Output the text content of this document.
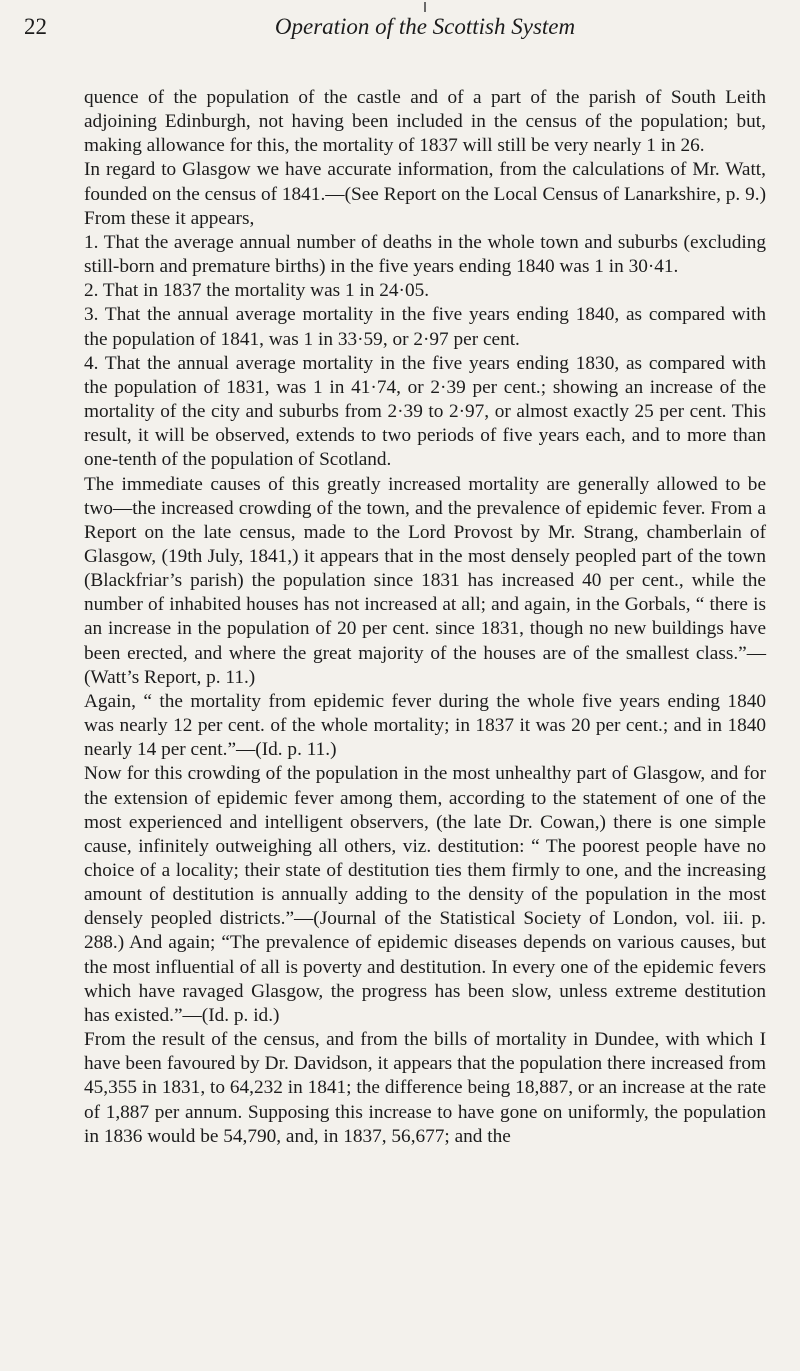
22	Operation of the Scottish System

quence of the population of the castle and of a part of the parish of South Leith adjoining Edinburgh, not having been included in the census of the population; but, making allowance for this, the mortality of 1837 will still be very nearly 1 in 26.

In regard to Glasgow we have accurate information, from the calculations of Mr. Watt, founded on the census of 1841.—(See Report on the Local Census of Lanarkshire, p. 9.) From these it appears,

1. That the average annual number of deaths in the whole town and suburbs (excluding still-born and premature births) in the five years ending 1840 was 1 in 30·41.

2. That in 1837 the mortality was 1 in 24·05.

3. That the annual average mortality in the five years ending 1840, as compared with the population of 1841, was 1 in 33·59, or 2·97 per cent.

4. That the annual average mortality in the five years ending 1830, as compared with the population of 1831, was 1 in 41·74, or 2·39 per cent.; showing an increase of the mortality of the city and suburbs from 2·39 to 2·97, or almost exactly 25 per cent. This result, it will be observed, extends to two periods of five years each, and to more than one-tenth of the population of Scotland.

The immediate causes of this greatly increased mortality are generally allowed to be two—the increased crowding of the town, and the prevalence of epidemic fever. From a Report on the late census, made to the Lord Provost by Mr. Strang, chamberlain of Glasgow, (19th July, 1841,) it appears that in the most densely peopled part of the town (Blackfriar’s parish) the population since 1831 has increased 40 per cent., while the number of inhabited houses has not increased at all; and again, in the Gorbals, “ there is an increase in the population of 20 per cent. since 1831, though no new buildings have been erected, and where the great majority of the houses are of the smallest class.”—(Watt’s Report, p. 11.)

Again, “ the mortality from epidemic fever during the whole five years ending 1840 was nearly 12 per cent. of the whole mortality; in 1837 it was 20 per cent.; and in 1840 nearly 14 per cent.”—(Id. p. 11.)

Now for this crowding of the population in the most unhealthy part of Glasgow, and for the extension of epidemic fever among them, according to the statement of one of the most experienced and intelligent observers, (the late Dr. Cowan,) there is one simple cause, infinitely outweighing all others, viz. destitution: “ The poorest people have no choice of a locality; their state of destitution ties them firmly to one, and the increasing amount of destitution is annually adding to the density of the population in the most densely peopled districts.”—(Journal of the Statistical Society of London, vol. iii. p. 288.) And again; “The prevalence of epidemic diseases depends on various causes, but the most influential of all is poverty and destitution. In every one of the epidemic fevers which have ravaged Glasgow, the progress has been slow, unless extreme destitution has existed.”—(Id. p. id.)

From the result of the census, and from the bills of mortality in Dundee, with which I have been favoured by Dr. Davidson, it appears that the population there increased from 45,355 in 1831, to 64,232 in 1841; the difference being 18,887, or an increase at the rate of 1,887 per annum. Supposing this increase to have gone on uniformly, the population in 1836 would be 54,790, and, in 1837, 56,677; and the
